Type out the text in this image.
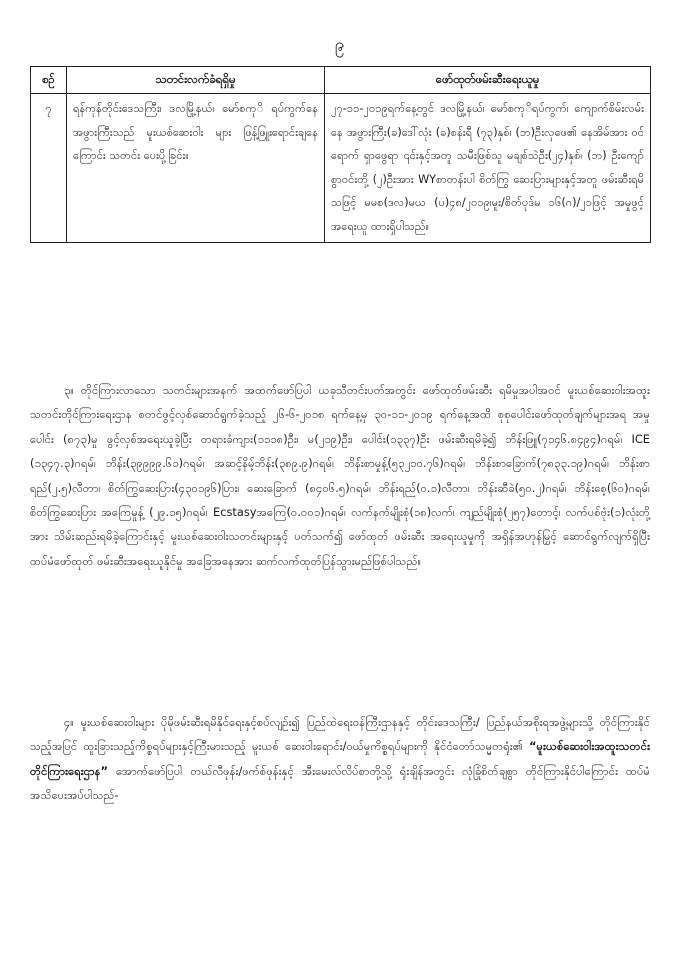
၉
စဉ်	သတင်းလက်ခံရရှိမှု	ဖော်ထုတ်ဖမ်းဆီးရေးယူမှု
၇	ရန်ကုန်တိုင်းဒေသကြီး၊ ဒလမြို့နယ်၊ မော်စကုိ ရပ်ကွက်နေအဖွားကြီးသည် မူးယစ်ဆေးဝါး များ ဖြန့်ဖြူးရောင်းချနေကြောင်း သတင်း ပေးပို့ခြင်း။	၂၇-၁၁-၂၀၁၉ရက်နေ့တွင် ဒလမြို့နယ်၊ မော်စကုိရပ်ကွက်၊ ကျောက်စိမ်းလမ်းနေ အဖွားကြီး(ခ)ဒေါ်လုံး (ခ)စန်းရီ (၇၃)နှစ်၊ (ဘ)ဦးလှဖေ၏ နေအိမ်အား ဝင်ရောက် ရှာဖွေရာ ၎င်းနှင့်အတူ သမီးဖြစ်သူ မချစ်သဲဦး(၂၄)နှစ်၊ (ဘ) ဦးကျော်စွာဝင်းတို့ (၂)ဦးအား WYစာတန်းပါ စိတ်ကြွ ဆေးပြားများနှင့်အတူ ဖမ်းဆီးရမိသဖြင့် မမစ(ဒလ)မယ (ပ)၄၈/၂၀၁၉၊မူး/စိတ်ပုဒ်မ ၁၆(ဂ)/၂၁ဖြင့် အမှုဖွင့်အရေးယူ ထားရှိပါသည်။

၃။ တိုင်ကြားလာသော သတင်းများအနက် အထက်ဖော်ပြပါ ယခုသီတင်းပတ်အတွင်း ဖော်ထုတ်ဖမ်းဆီး ရမိမှုအပါအဝင် မူးယစ်ဆေးဝါးအထူးသတင်းတိုင်ကြားရေးဌာန စတင်ဖွင့်လှစ်ဆောင်ရွက်ခဲ့သည့် ၂၆-၆-၂၀၁၈ ရက်နေ့မှ ၃၀-၁၁-၂၀၁၉ ရက်နေ့အထိ စုစုပေါင်းဖော်ထုတ်ချက်များအရ အမှုပေါင်း (၈၇၃)မှု ဖွင့်လှစ်အရေးယူခဲ့ပြီး တရားခံကျား(၁၁၁၈)ဦး၊ မ(၂၁၉)ဦး၊ ပေါင်း(၁၃၃၇)ဦး ဖမ်းဆီးရမိခဲ့၍ ဘိန်းဖြူ(၇၁၄၆.၈၄၉၄)ဂရမ်၊ ICE (၁၃၄၇.၃)ဂရမ်၊ ဘိန်း(၃၉၉၉၉.၆၁)ဂရမ်၊ အဆင့်နိမ့်ဘိန်း(၃၈၉.၉)ဂရမ်၊ ဘိန်းစာမှုန့်(၅၃၂၁၀.၇၆)ဂရမ်၊ ဘိန်းစာခြောက်(၇၈၃၃.၁၉)ဂရမ်၊ ဘိန်းစာရည်(၂.၅)လီတာ၊ စိတ်ကြွဆေးပြား(၄၃၀၁၉၆)ပြား၊ ဆေးခြောက် (၈၄၀၆.၅)ဂရမ်၊ ဘိန်းရည်(၀.၁)လီတာ၊ ဘိန်းဆီခဲ(၅၀.၂)ဂရမ်၊ ဘိန်းစေ့(၆၀)ဂရမ်၊ စိတ်ကြွဆေးပြား အကြေမှုန့် (၂၉.၁၅)ဂရမ်၊ Ecstasyအကြေ(၀.၀၀၁)ဂရမ်၊ လက်နက်မျိုးစုံ(၁၈)လက်၊ ကျည်မျိုးစုံ(၂၅၇)တောင့်၊ လက်ပစ်ဗုံး(၁)လုံးတို့အား သိမ်းဆည်းရမိခဲ့ကြောင်းနှင့် မူးယစ်ဆေးဝါးသတင်းများနှင့် ပတ်သက်၍ ဖော်ထုတ် ဖမ်းဆီး အရေးယူမှုကို အရှိန်အဟုန်မြှင့် ဆောင်ရွက်လျက်ရှိပြီး ထပ်မံဖော်ထုတ် ဖမ်းဆီးအရေးယူနိုင်မှု အခြေအနေအား ဆက်လက်ထုတ်ပြန်သွားမည်ဖြစ်ပါသည်။

၄။ မူးယစ်ဆေးဝါးများ ပိုမိုဖမ်းဆီးရမိနိုင်ရေးနှင့်စပ်လျဉ်း၍ ပြည်ထဲရေးဝန်ကြီးဌာနနှင့် တိုင်းဒေသကြီး/ ပြည်နယ်အစိုးရအဖွဲ့များသို့ တိုင်ကြားနိုင်သည့်အပြင် ထူးခြားသည့်ကိစ္စရပ်များနှင့်ကြီးမားသည့် မူးယစ် ဆေးဝါးရောင်း/ဝယ်မှုကိစ္စရပ်များကို နိုင်ငံတော်သမ္မတရုံး၏ “မူးယစ်ဆေးဝါးအထူးသတင်းတိုင်ကြားရေးဌာန” အောက်ဖော်ပြပါ တယ်လီဖုန်း/ဖက်စ်ဖုန်းနှင့် အီးမေးလ်လိပ်စာတို့သို့ ရုံးချိန်အတွင်း လုံခြုံစိတ်ချစွာ တိုင်ကြားနိုင်ပါကြောင်း ထပ်မံအသိပေးအပ်ပါသည်-
